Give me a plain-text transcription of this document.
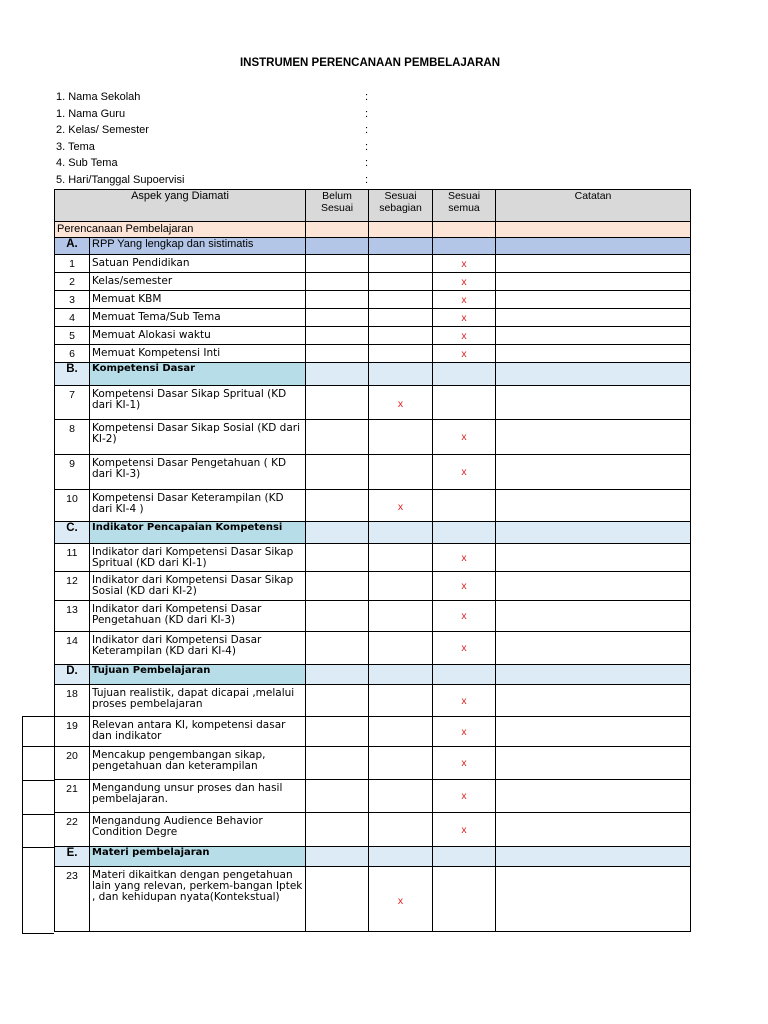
INSTRUMEN PERENCANAAN PEMBELAJARAN
1. Nama Sekolah	:
1. Nama Guru	:
2. Kelas/ Semester	:
3. Tema	:
4. Sub Tema	:
5. Hari/Tanggal Supoervisi	:
Aspek yang Diamati		Belum Sesuai	Sesuai sebagian	Sesuai semua	Catatan
Perencanaan Pembelajaran					
A.	RPP Yang lengkap dan sistimatis				
1	Satuan Pendidikan			x	
2	Kelas/semester			x	
3	Memuat KBM			x	
4	Memuat Tema/Sub Tema			x	
5	Memuat Alokasi waktu			x	
6	Memuat Kompetensi Inti			x	
B.	Kompetensi Dasar				
7	Kompetensi Dasar Sikap Spritual (KD dari KI-1)		x		
8	Kompetensi Dasar Sikap Sosial (KD dari KI-2)			x	
9	Kompetensi Dasar Pengetahuan ( KD dari KI-3)			x	
10	Kompetensi Dasar Keterampilan (KD dari KI-4 )		x		
C.	Indikator Pencapaian Kompetensi				
11	Indikator dari Kompetensi Dasar Sikap Spritual (KD dari KI-1)			x	
12	Indikator dari Kompetensi Dasar Sikap Sosial (KD dari KI-2)			x	
13	Indikator dari Kompetensi Dasar Pengetahuan (KD dari KI-3)			x	
14	Indikator dari Kompetensi Dasar Keterampilan (KD dari KI-4)			x	
D.	Tujuan Pembelajaran				
18	Tujuan realistik, dapat dicapai ,melalui proses pembelajaran			x	
19	Relevan antara KI, kompetensi dasar dan indikator			x	
20	Mencakup pengembangan sikap, pengetahuan dan keterampilan			x	
21	Mengandung unsur proses dan hasil pembelajaran.			x	
22	Mengandung Audience Behavior Condition Degre			x	
E.	Materi pembelajaran				
23	Materi dikaitkan dengan pengetahuan lain yang relevan, perkem-bangan Iptek , dan kehidupan nyata(Kontekstual)		x		
